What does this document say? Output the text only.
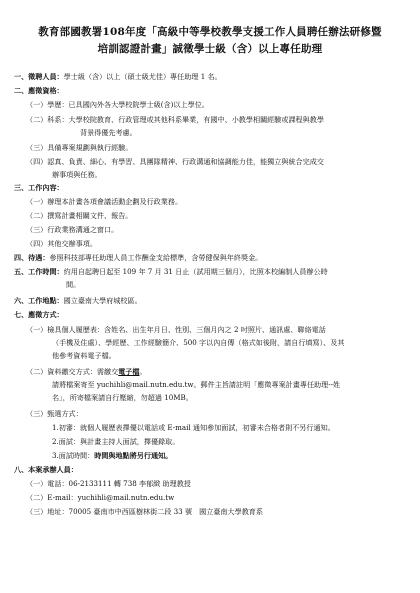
教育部國教署108年度「高級中等學校教學支援工作人員聘任辦法研修暨
培訓認證計畫」誠徵學士級（含）以上專任助理
一、徵聘人員：學士級（含）以上（碩士級尤佳）專任助理 1 名。
二、應徵資格：
（一）學歷：已具國內外各大學校院學士級(含)以上學位。
（二）科系：大學校院教育、行政管理或其他科系畢業，有國中、小教學相關經驗或課程與教學
背景得優先考慮。
（三）具備專案規劃與執行經驗。
（四）認真、負責、細心、有學習、具團隊精神、行政溝通和協調能力佳，能獨立與統合完成交
辦事項與任務。
三、工作內容：
（一）辦理本計畫各項會議活動企劃及行政業務。
（二）撰寫計畫相關文件、報告。
（三）行政業務溝通之窗口。
（四）其他交辦事項。
四、待遇：參照科技部專任助理人員工作酬金支給標準，含勞健保與年終獎金。
五、工作時間：約用自起聘日起至 109 年 7 月 31 日止（試用期三個月），比照本校編制人員辦公時
間。
六、工作地點：國立臺南大學府城校區。
七、應徵方式：
（一）檢具個人履歷表：含姓名、出生年月日、性別、三個月內之 2 吋照片、通訊處、聯絡電話
（手機及住處）、學經歷、工作經驗簡介、500 字以內自傳（格式如後附，請自行填寫）、及其
他參考資料電子檔。
（二）資料繳交方式：需繳交電子檔。
請將檔案寄至 yuchihli@mail.nutn.edu.tw。郵件主旨請註明「應徵專案計畫專任助理--姓
名」，所寄檔案請自行壓縮，勿超過 10MB。
（三）甄選方式：
1.初審：就個人履歷表擇優以電話或 E-mail 通知參加面試，初審未合格者則不另行通知。
2.面試：與計畫主持人面試，擇優錄取。
3.面試時間：時間與地點將另行通知。
八、本案承辦人員：
（一）電話：06-2133111 轉 738 李郁緻 助理教授
（二）E-mail：yuchihli@mail.nutn.edu.tw
（三）地址：70005 臺南市中西區樹林街二段 33 號　國立臺南大學教育系
